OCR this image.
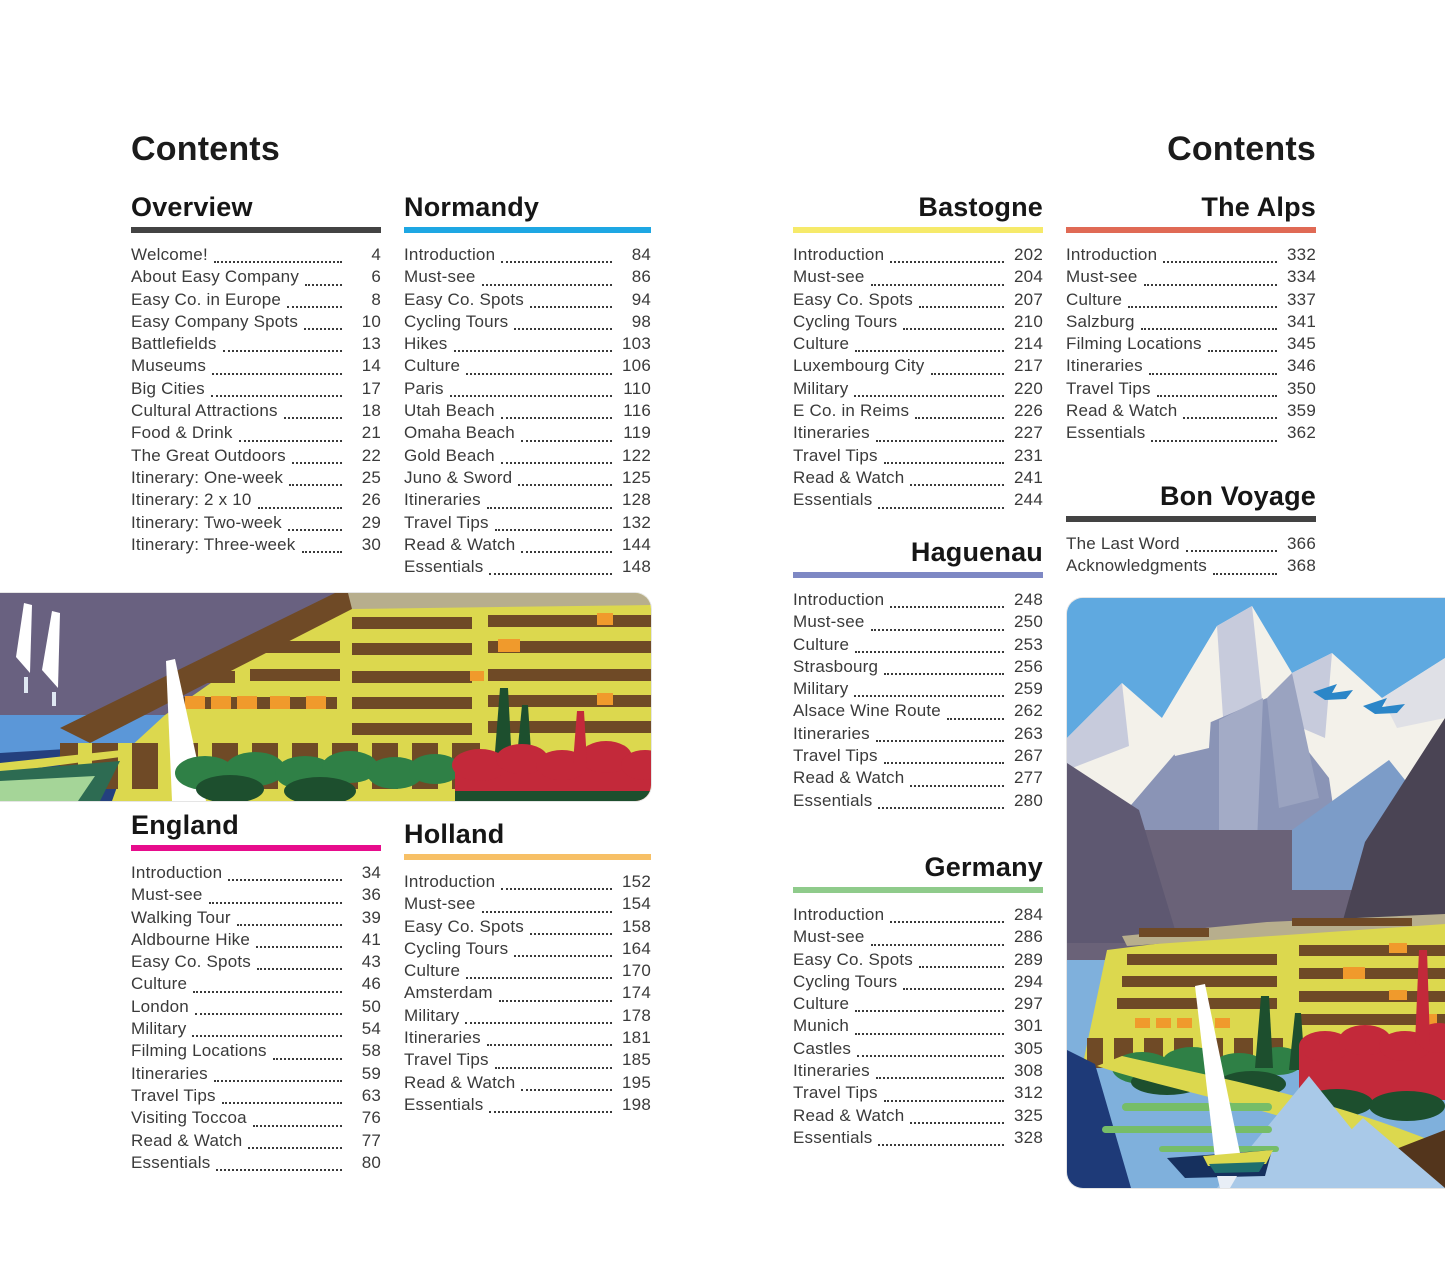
Contents	Contents
Overview
Welcome!	4
About Easy Company	6
Easy Co. in Europe	8
Easy Company Spots	10
Battlefields	13
Museums	14
Big Cities	17
Cultural Attractions	18
Food & Drink	21
The Great Outdoors	22
Itinerary: One-week	25
Itinerary: 2 x 10	26
Itinerary: Two-week	29
Itinerary: Three-week	30
Normandy
Introduction	84
Must-see	86
Easy Co. Spots	94
Cycling Tours	98
Hikes	103
Culture	106
Paris	110
Utah Beach	116
Omaha Beach	119
Gold Beach	122
Juno & Sword	125
Itineraries	128
Travel Tips	132
Read & Watch	144
Essentials	148
England
Introduction	34
Must-see	36
Walking Tour	39
Aldbourne Hike	41
Easy Co. Spots	43
Culture	46
London	50
Military	54
Filming Locations	58
Itineraries	59
Travel Tips	63
Visiting Toccoa	76
Read & Watch	77
Essentials	80
Holland
Introduction	152
Must-see	154
Easy Co. Spots	158
Cycling Tours	164
Culture	170
Amsterdam	174
Military	178
Itineraries	181
Travel Tips	185
Read & Watch	195
Essentials	198
Bastogne
Introduction	202
Must-see	204
Easy Co. Spots	207
Cycling Tours	210
Culture	214
Luxembourg City	217
Military	220
E Co. in Reims	226
Itineraries	227
Travel Tips	231
Read & Watch	241
Essentials	244
Haguenau
Introduction	248
Must-see	250
Culture	253
Strasbourg	256
Military	259
Alsace Wine Route	262
Itineraries	263
Travel Tips	267
Read & Watch	277
Essentials	280
Germany
Introduction	284
Must-see	286
Easy Co. Spots	289
Cycling Tours	294
Culture	297
Munich	301
Castles	305
Itineraries	308
Travel Tips	312
Read & Watch	325
Essentials	328
The Alps
Introduction	332
Must-see	334
Culture	337
Salzburg	341
Filming Locations	345
Itineraries	346
Travel Tips	350
Read & Watch	359
Essentials	362
Bon Voyage
The Last Word	366
Acknowledgments	368
